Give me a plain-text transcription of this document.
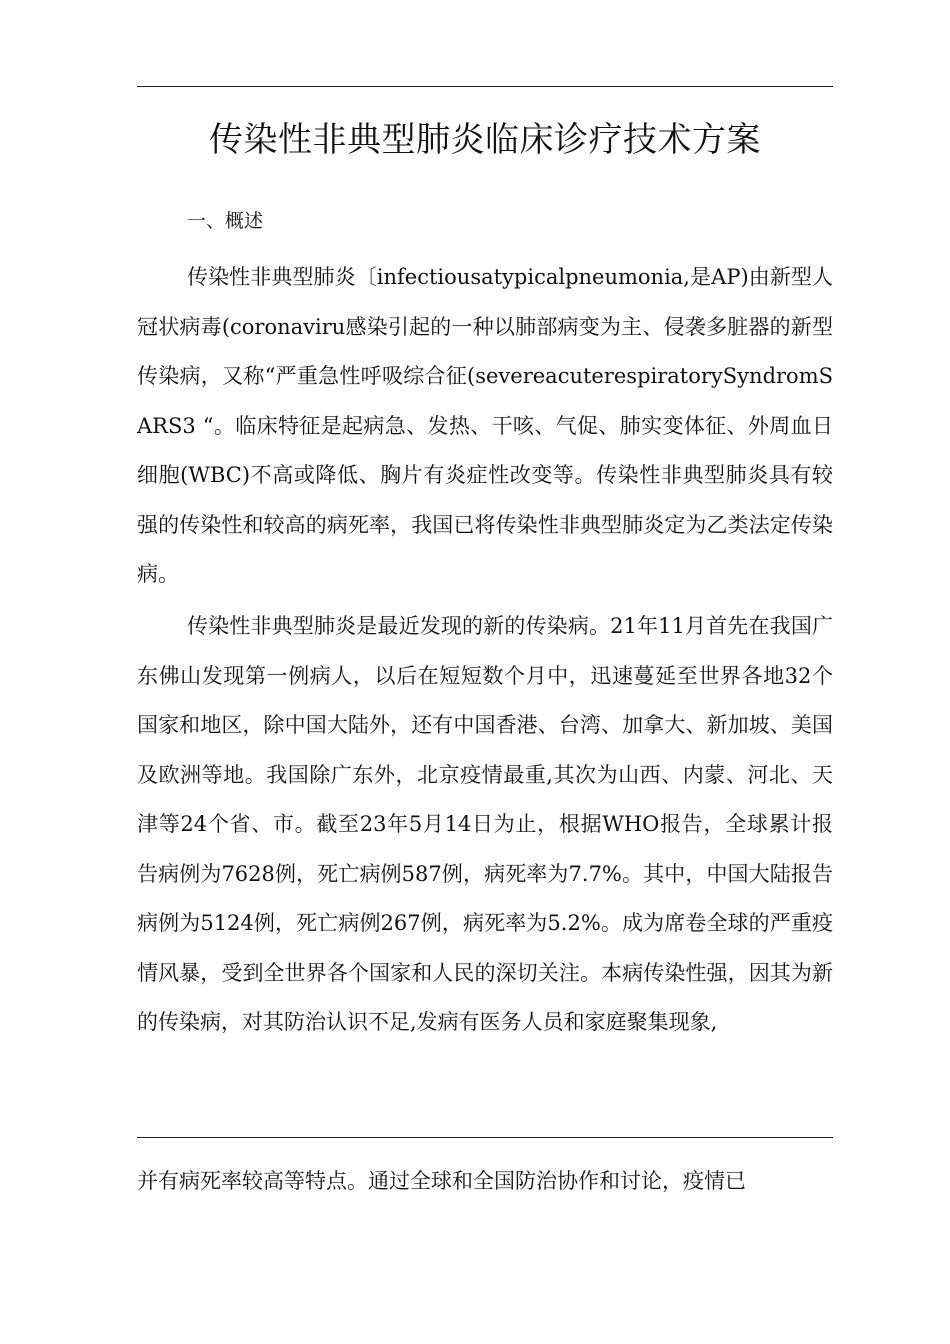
传染性非典型肺炎临床诊疗技术方案
一、概述

传染性非典型肺炎〔infectiousatypicalpneumonia,是AP)由新型人冠状病毒(coronaviru感染引起的一种以肺部病变为主、侵袭多脏器的新型传染病，又称“严重急性呼吸综合征(severeacuterespiratorySyndromSARS3 “。临床特征是起病急、发热、干咳、气促、肺实变体征、外周血日细胞(WBC)不高或降低、胸片有炎症性改变等。传染性非典型肺炎具有较强的传染性和较高的病死率，我国已将传染性非典型肺炎定为乙类法定传染病。

传染性非典型肺炎是最近发现的新的传染病。21年11月首先在我国广东佛山发现第一例病人，以后在短短数个月中，迅速蔓延至世界各地32个国家和地区，除中国大陆外，还有中国香港、台湾、加拿大、新加坡、美国及欧洲等地。我国除广东外，北京疫情最重,其次为山西、内蒙、河北、天津等24个省、市。截至23年5月14日为止，根据WHO报告，全球累计报告病例为7628例，死亡病例587例，病死率为7.7%。其中，中国大陆报告病例为5124例，死亡病例267例，病死率为5.2%。成为席卷全球的严重疫情风暴，受到全世界各个国家和人民的深切关注。本病传染性强，因其为新的传染病，对其防治认识不足,发病有医务人员和家庭聚集现象,

并有病死率较高等特点。通过全球和全国防治协作和讨论，疫情已
